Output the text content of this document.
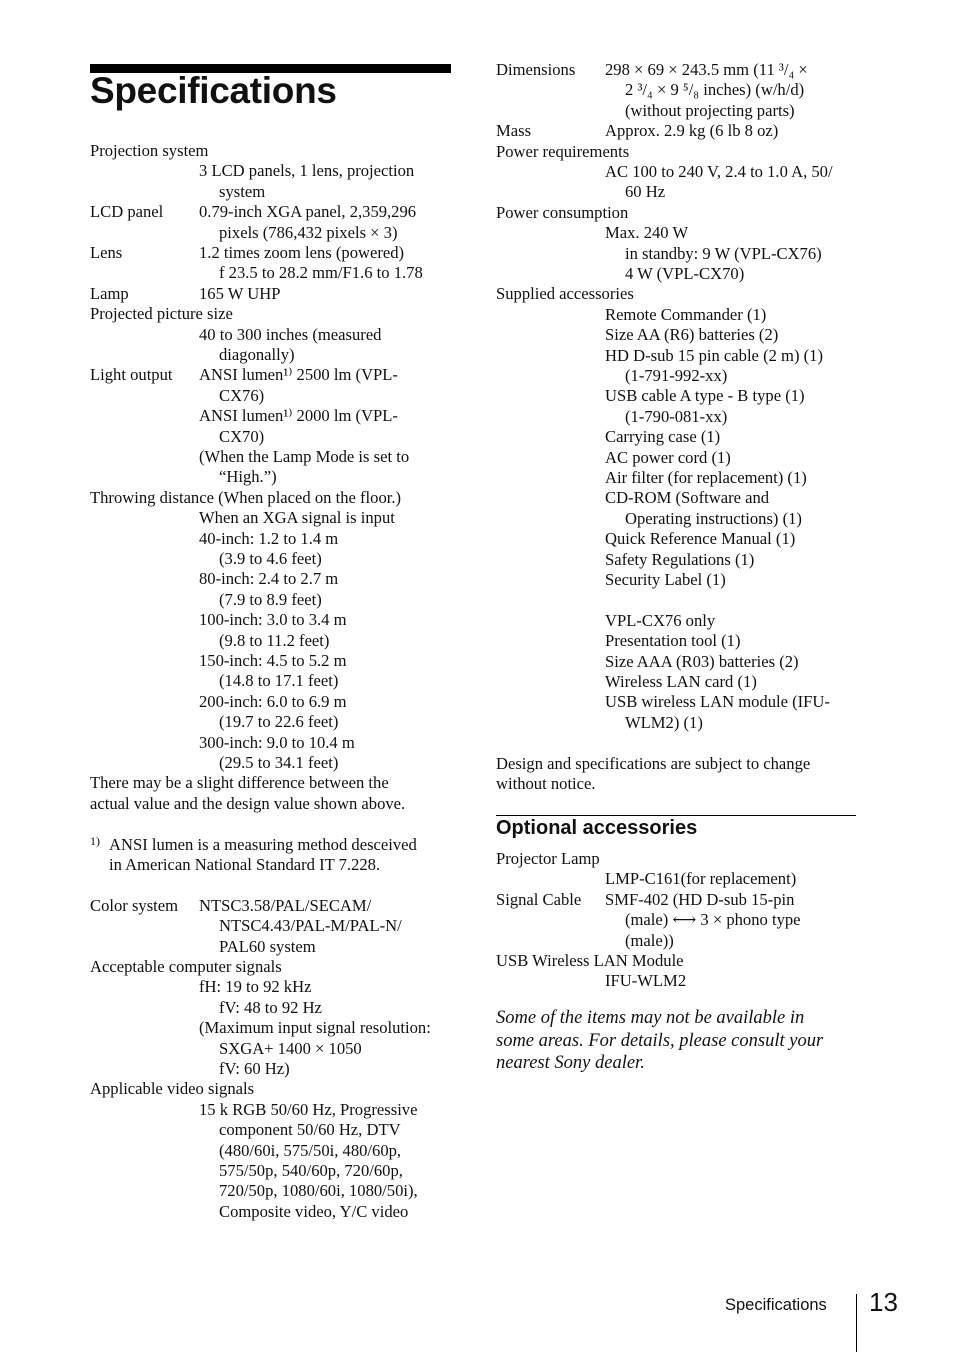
Specifications
Projection system
3 LCD panels, 1 lens, projection
system
LCD panel 0.79-inch XGA panel, 2,359,296
pixels (786,432 pixels × 3)
Lens	1.2 times zoom lens (powered)
f 23.5 to 28.2 mm/F1.6 to 1.78
Lamp	165 W UHP
Projected picture size
40 to 300 inches (measured
diagonally)
Light output ANSI lumen¹⁾ 2500 lm (VPL-
CX76)
ANSI lumen¹⁾ 2000 lm (VPL-
CX70)
(When the Lamp Mode is set to
“High.”)
Throwing distance (When placed on the floor.)
When an XGA signal is input
40-inch: 1.2 to 1.4 m
(3.9 to 4.6 feet)
80-inch: 2.4 to 2.7 m
(7.9 to 8.9 feet)
100-inch: 3.0 to 3.4 m
(9.8 to 11.2 feet)
150-inch: 4.5 to 5.2 m
(14.8 to 17.1 feet)
200-inch: 6.0 to 6.9 m
(19.7 to 22.6 feet)
300-inch: 9.0 to 10.4 m
(29.5 to 34.1 feet)
There may be a slight difference between the
actual value and the design value shown above.
1) ANSI lumen is a measuring method desceived
in American National Standard IT 7.228.
Color system NTSC3.58/PAL/SECAM/
NTSC4.43/PAL-M/PAL-N/
PAL60 system
Acceptable computer signals
fH: 19 to 92 kHz
fV: 48 to 92 Hz
(Maximum input signal resolution:
SXGA+ 1400 × 1050
fV: 60 Hz)
Applicable video signals
15 k RGB 50/60 Hz, Progressive
component 50/60 Hz, DTV
(480/60i, 575/50i, 480/60p,
575/50p, 540/60p, 720/60p,
720/50p, 1080/60i, 1080/50i),
Composite video, Y/C video
Dimensions 298 × 69 × 243.5 mm (11 ³/₄ ×
2 ³/₄ × 9 ⁵/₈ inches) (w/h/d)
(without projecting parts)
Mass	Approx. 2.9 kg (6 lb 8 oz)
Power requirements
AC 100 to 240 V, 2.4 to 1.0 A, 50/
60 Hz
Power consumption
Max. 240 W
in standby: 9 W (VPL-CX76)
4 W (VPL-CX70)
Supplied accessories
Remote Commander (1)
Size AA (R6) batteries (2)
HD D-sub 15 pin cable (2 m) (1)
(1-791-992-xx)
USB cable A type - B type (1)
(1-790-081-xx)
Carrying case (1)
AC power cord (1)
Air filter (for replacement) (1)
CD-ROM (Software and
Operating instructions) (1)
Quick Reference Manual (1)
Safety Regulations (1)
Security Label (1)
VPL-CX76 only
Presentation tool (1)
Size AAA (R03) batteries (2)
Wireless LAN card (1)
USB wireless LAN module (IFU-
WLM2) (1)
Design and specifications are subject to change
without notice.
Projector Lamp
LMP-C161(for replacement)
Signal Cable SMF-402 (HD D-sub 15-pin
(male) ⟷ 3 × phono type
(male))
USB Wireless LAN Module
IFU-WLM2
Some of the items may not be available in
some areas. For details, please consult your
nearest Sony dealer.
Optional accessories
Specifications 13
